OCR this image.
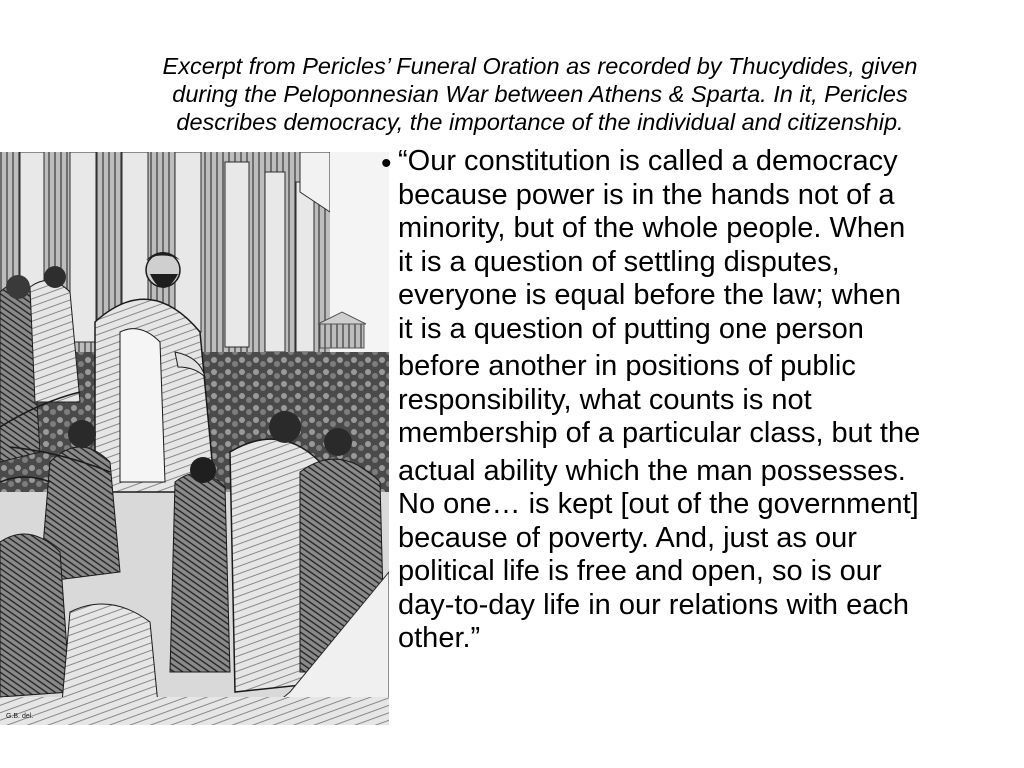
Excerpt from Pericles’ Funeral Oration as recorded by Thucydides, given
during the Peloponnesian War between Athens & Sparta. In it, Pericles
describes democracy, the importance of the individual and citizenship.

G.B. del.
• “Our constitution is called a democracy
because power is in the hands not of a
minority, but of the whole people. When
it is a question of settling disputes,
everyone is equal before the law; when
it is a question of putting one person
before another in positions of public
responsibility, what counts is not
membership of a particular class, but the
actual ability which the man possesses.
No one… is kept [out of the government]
because of poverty. And, just as our
political life is free and open, so is our
day-to-day life in our relations with each
other.”
